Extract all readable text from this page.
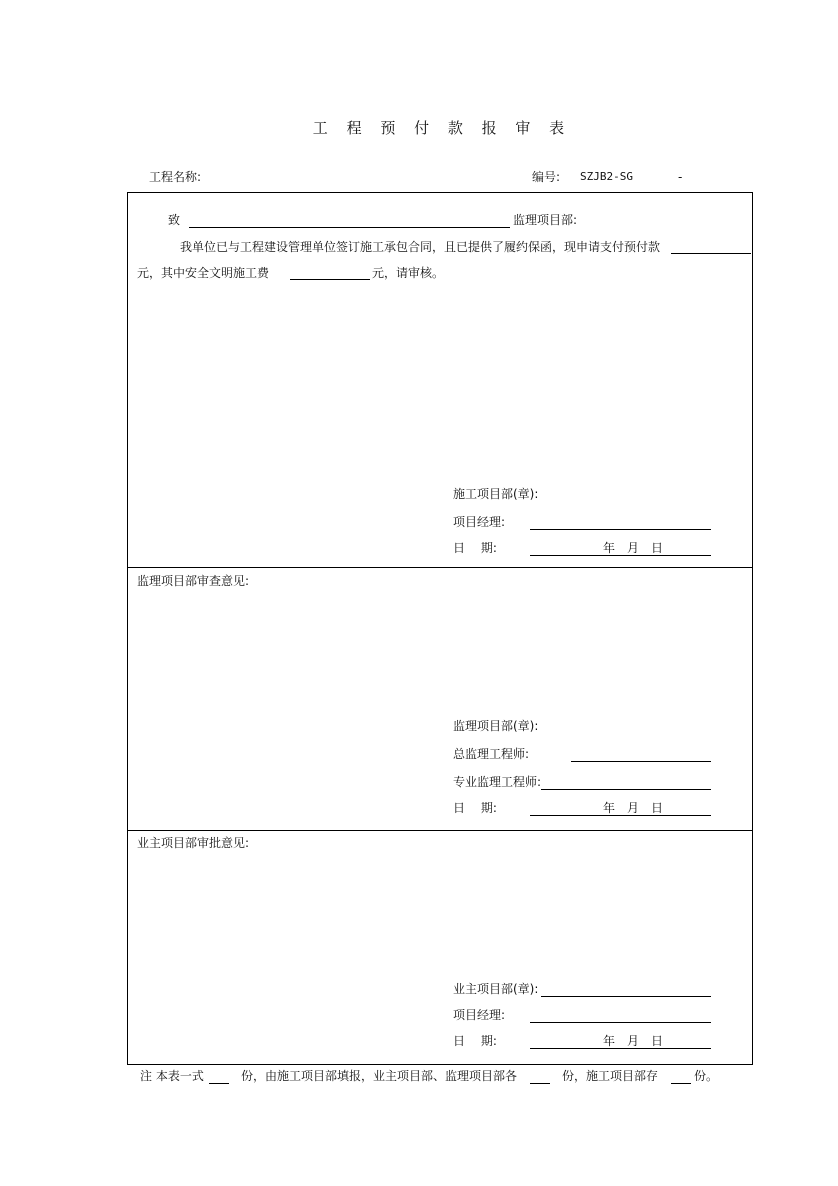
工 程 预 付 款 报 审 表
工程名称:	编号: SZJB2-SG	-
致	监理项目部:
我单位已与工程建设管理单位签订施工承包合同，且已提供了履约保函，现申请支付预付款
元，其中安全文明施工费	元，请审核。
施工项目部(章):
项目经理:
日　 期:	年 月 日
监理项目部审查意见:
监理项目部(章):
总监理工程师:
专业监理工程师:
日　 期:	年 月 日
业主项目部审批意见:
业主项目部(章):
项目经理:
日　 期:	年 月 日
注 本表一式	份，由施工项目部填报，业主项目部、监理项目部各	份，施工项目部存	份。
